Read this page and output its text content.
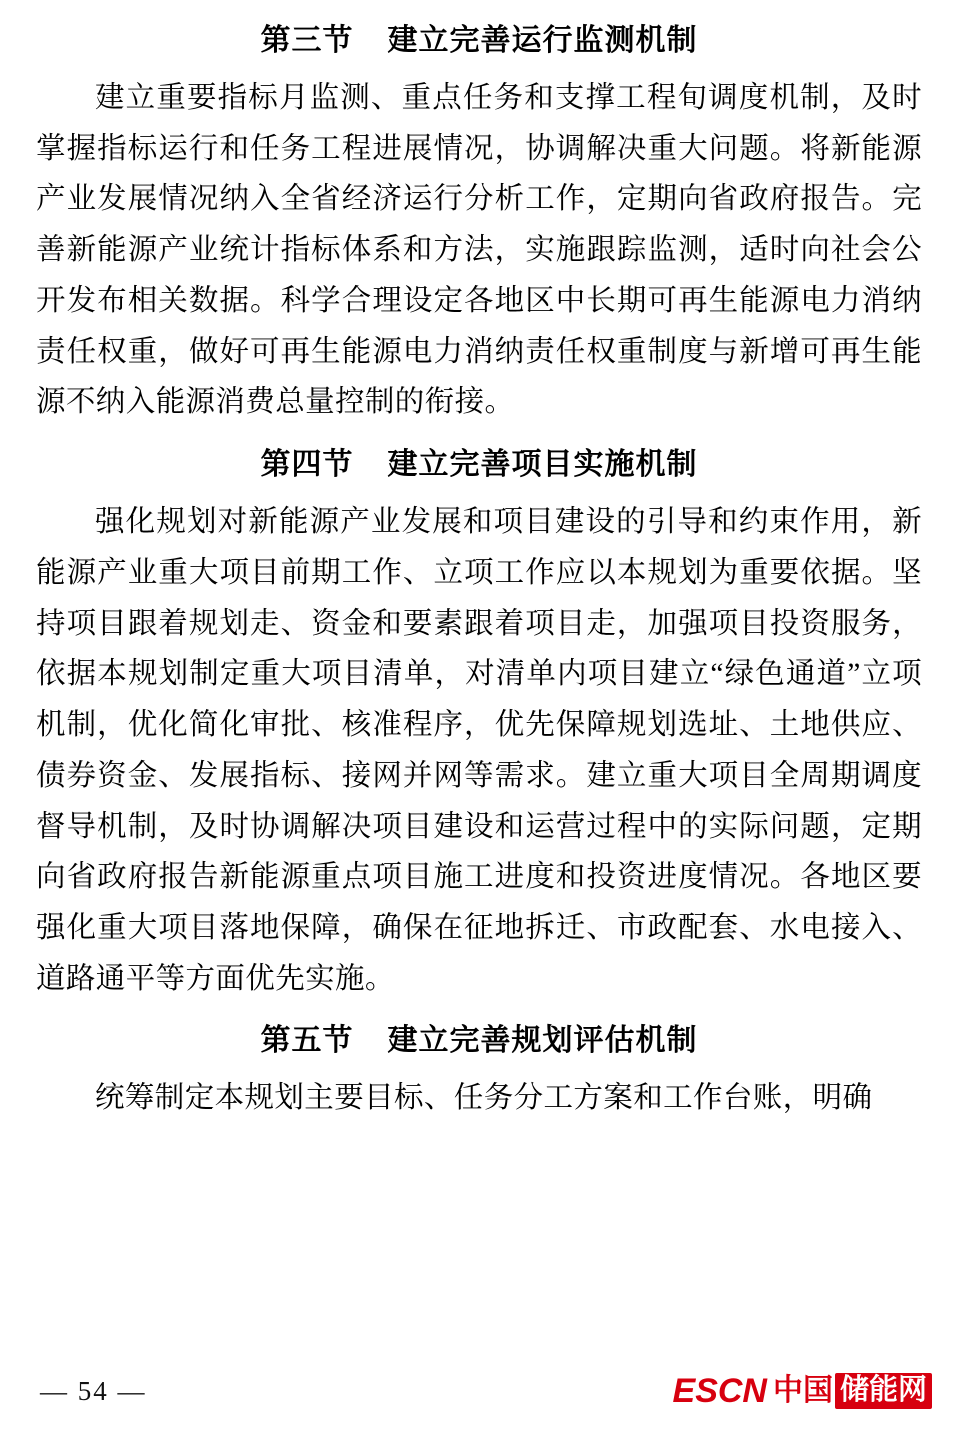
第三节 建立完善运行监测机制

建立重要指标月监测、重点任务和支撑工程旬调度机制，及时掌握指标运行和任务工程进展情况，协调解决重大问题。将新能源产业发展情况纳入全省经济运行分析工作，定期向省政府报告。完善新能源产业统计指标体系和方法，实施跟踪监测，适时向社会公开发布相关数据。科学合理设定各地区中长期可再生能源电力消纳责任权重，做好可再生能源电力消纳责任权重制度与新增可再生能源不纳入能源消费总量控制的衔接。

第四节 建立完善项目实施机制

强化规划对新能源产业发展和项目建设的引导和约束作用，新能源产业重大项目前期工作、立项工作应以本规划为重要依据。坚持项目跟着规划走、资金和要素跟着项目走，加强项目投资服务，依据本规划制定重大项目清单，对清单内项目建立“绿色通道”立项机制，优化简化审批、核准程序，优先保障规划选址、土地供应、债券资金、发展指标、接网并网等需求。建立重大项目全周期调度督导机制，及时协调解决项目建设和运营过程中的实际问题，定期向省政府报告新能源重点项目施工进度和投资进度情况。各地区要强化重大项目落地保障，确保在征地拆迁、市政配套、水电接入、道路通平等方面优先实施。

第五节 建立完善规划评估机制

统筹制定本规划主要目标、任务分工方案和工作台账，明确

— 54 —	ESCN 中国 储能网
